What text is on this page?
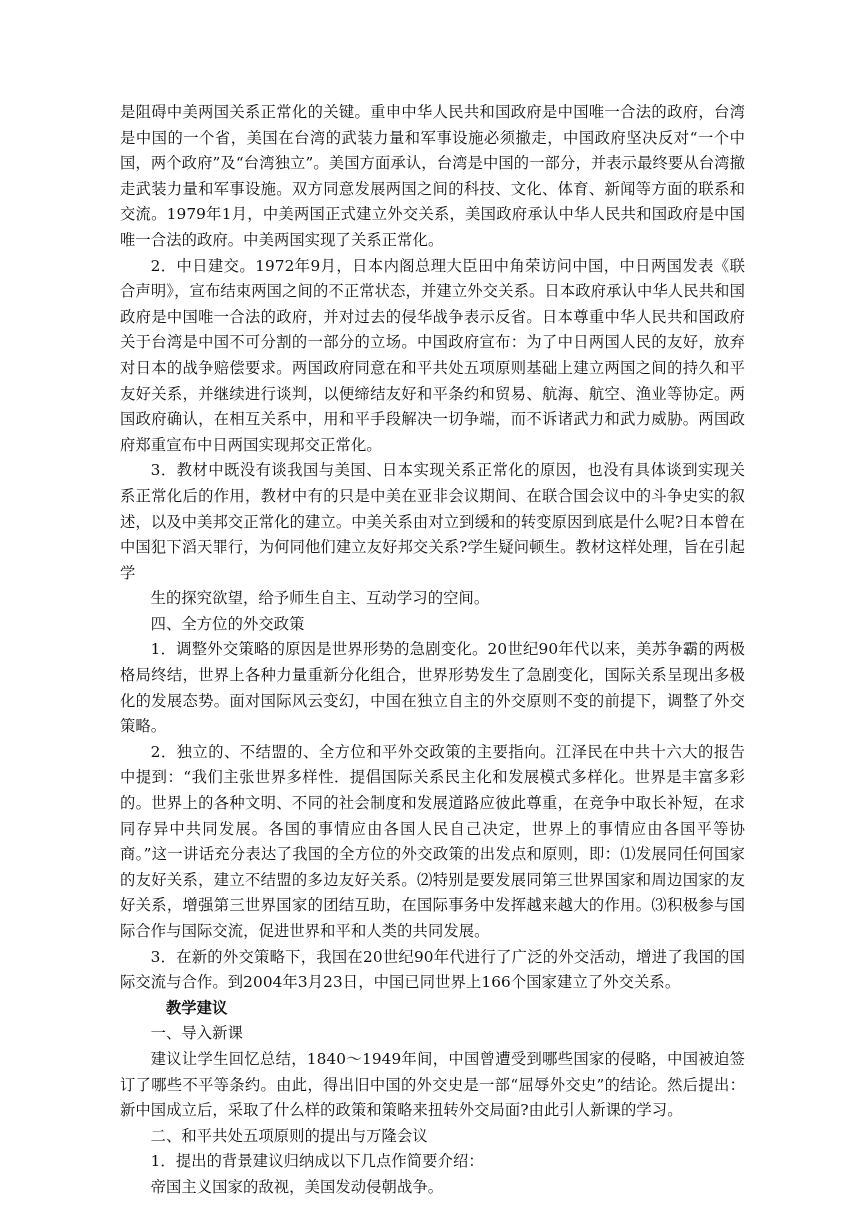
是阻碍中美两国关系正常化的关键。重申中华人民共和国政府是中国唯一合法的政府，台湾是中国的一个省，美国在台湾的武装力量和军事设施必须撤走，中国政府坚决反对“一个中国，两个政府”及“台湾独立”。美国方面承认，台湾是中国的一部分，并表示最终要从台湾撤走武装力量和军事设施。双方同意发展两国之间的科技、文化、体育、新闻等方面的联系和交流。1979年1月，中美两国正式建立外交关系，美国政府承认中华人民共和国政府是中国唯一合法的政府。中美两国实现了关系正常化。

2．中日建交。1972年9月，日本内阁总理大臣田中角荣访问中国，中日两国发表《联合声明》，宣布结束两国之间的不正常状态，并建立外交关系。日本政府承认中华人民共和国政府是中国唯一合法的政府，并对过去的侵华战争表示反省。日本尊重中华人民共和国政府关于台湾是中国不可分割的一部分的立场。中国政府宣布：为了中日两国人民的友好，放弃对日本的战争赔偿要求。两国政府同意在和平共处五项原则基础上建立两国之间的持久和平友好关系，并继续进行谈判，以便缔结友好和平条约和贸易、航海、航空、渔业等协定。两国政府确认，在相互关系中，用和平手段解决一切争端，而不诉诸武力和武力威胁。两国政府郑重宣布中日两国实现邦交正常化。

3．教材中既没有谈我国与美国、日本实现关系正常化的原因，也没有具体谈到实现关系正常化后的作用，教材中有的只是中美在亚非会议期间、在联合国会议中的斗争史实的叙述，以及中美邦交正常化的建立。中美关系由对立到缓和的转变原因到底是什么呢?日本曾在中国犯下滔天罪行，为何同他们建立友好邦交关系?学生疑问顿生。教材这样处理，旨在引起学

生的探究欲望，给予师生自主、互动学习的空间。

四、全方位的外交政策

1．调整外交策略的原因是世界形势的急剧变化。20世纪90年代以来，美苏争霸的两极格局终结，世界上各种力量重新分化组合，世界形势发生了急剧变化，国际关系呈现出多极化的发展态势。面对国际风云变幻，中国在独立自主的外交原则不变的前提下，调整了外交策略。

2．独立的、不结盟的、全方位和平外交政策的主要指向。江泽民在中共十六大的报告中提到：“我们主张世界多样性．提倡国际关系民主化和发展模式多样化。世界是丰富多彩的。世界上的各种文明、不同的社会制度和发展道路应彼此尊重，在竞争中取长补短，在求同存异中共同发展。各国的事情应由各国人民自己决定，世界上的事情应由各国平等协商。”这一讲话充分表达了我国的全方位的外交政策的出发点和原则，即：⑴发展同任何国家的友好关系，建立不结盟的多边友好关系。⑵特别是要发展同第三世界国家和周边国家的友好关系，增强第三世界国家的团结互助，在国际事务中发挥越来越大的作用。⑶积极参与国际合作与国际交流，促进世界和平和人类的共同发展。

3．在新的外交策略下，我国在20世纪90年代进行了广泛的外交活动，增进了我国的国际交流与合作。到2004年3月23日，中国已同世界上166个国家建立了外交关系。

教学建议

一、导入新课

建议让学生回忆总结，1840～1949年间，中国曾遭受到哪些国家的侵略，中国被迫签订了哪些不平等条约。由此，得出旧中国的外交史是一部“屈辱外交史”的结论。然后提出：新中国成立后，采取了什么样的政策和策略来扭转外交局面?由此引人新课的学习。

二、和平共处五项原则的提出与万隆会议

1．提出的背景建议归纳成以下几点作简要介绍：

帝国主义国家的敌视，美国发动侵朝战争。
